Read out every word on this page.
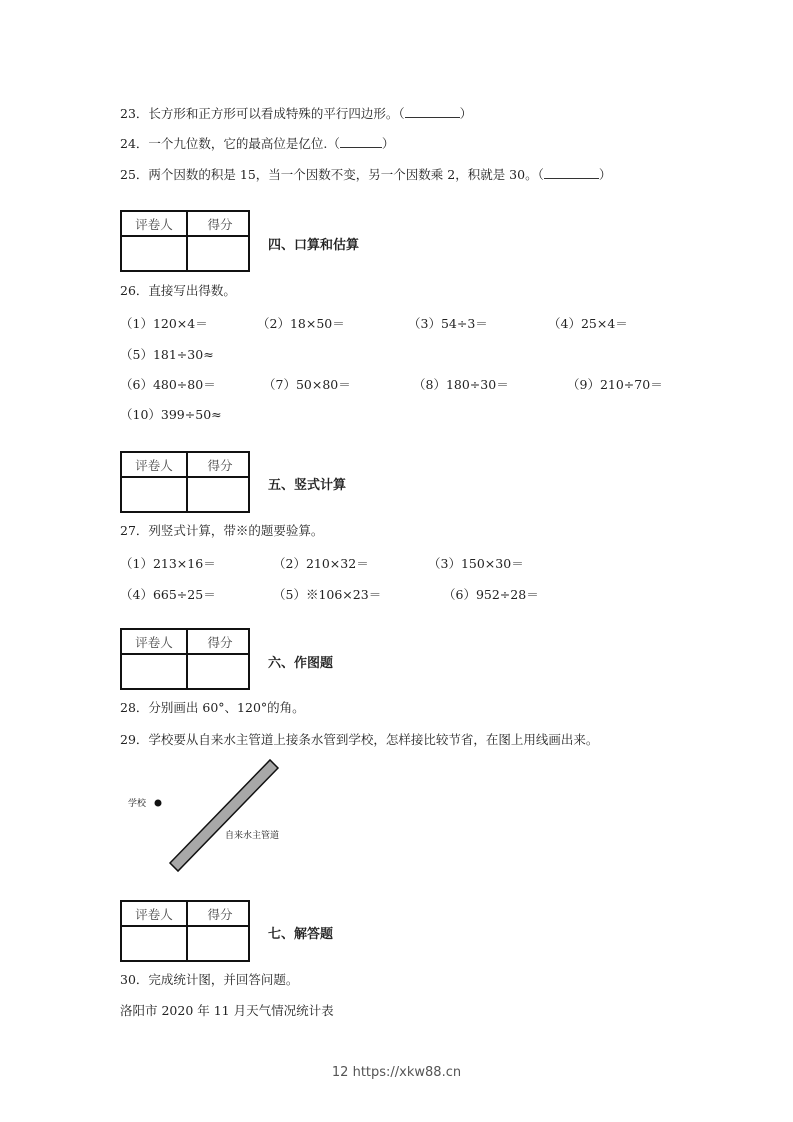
23．长方形和正方形可以看成特殊的平行四边形。（	）
24．一个九位数，它的最高位是亿位.（	）
25．两个因数的积是 15，当一个因数不变，另一个因数乘 2，积就是 30。（	）
评卷人	得分
四、口算和估算
26．直接写出得数。
（1）120×4＝	（2）18×50＝	（3）54÷3＝	（4）25×4＝
（5）181÷30≈
（6）480÷80＝	（7）50×80＝	（8）180÷30＝	（9）210÷70＝
（10）399÷50≈
评卷人	得分
五、竖式计算
27．列竖式计算，带※的题要验算。
（1）213×16＝	（2）210×32＝	（3）150×30＝
（4）665÷25＝	（5）※106×23＝	（6）952÷28＝
评卷人	得分
六、作图题
28．分别画出 60°、120°的角。
29．学校要从自来水主管道上接条水管到学校，怎样接比较节省，在图上用线画出来。
学校
自来水主管道
评卷人	得分
七、解答题
30．完成统计图，并回答问题。
洛阳市 2020 年 11 月天气情况统计表
12 https://xkw88.cn
